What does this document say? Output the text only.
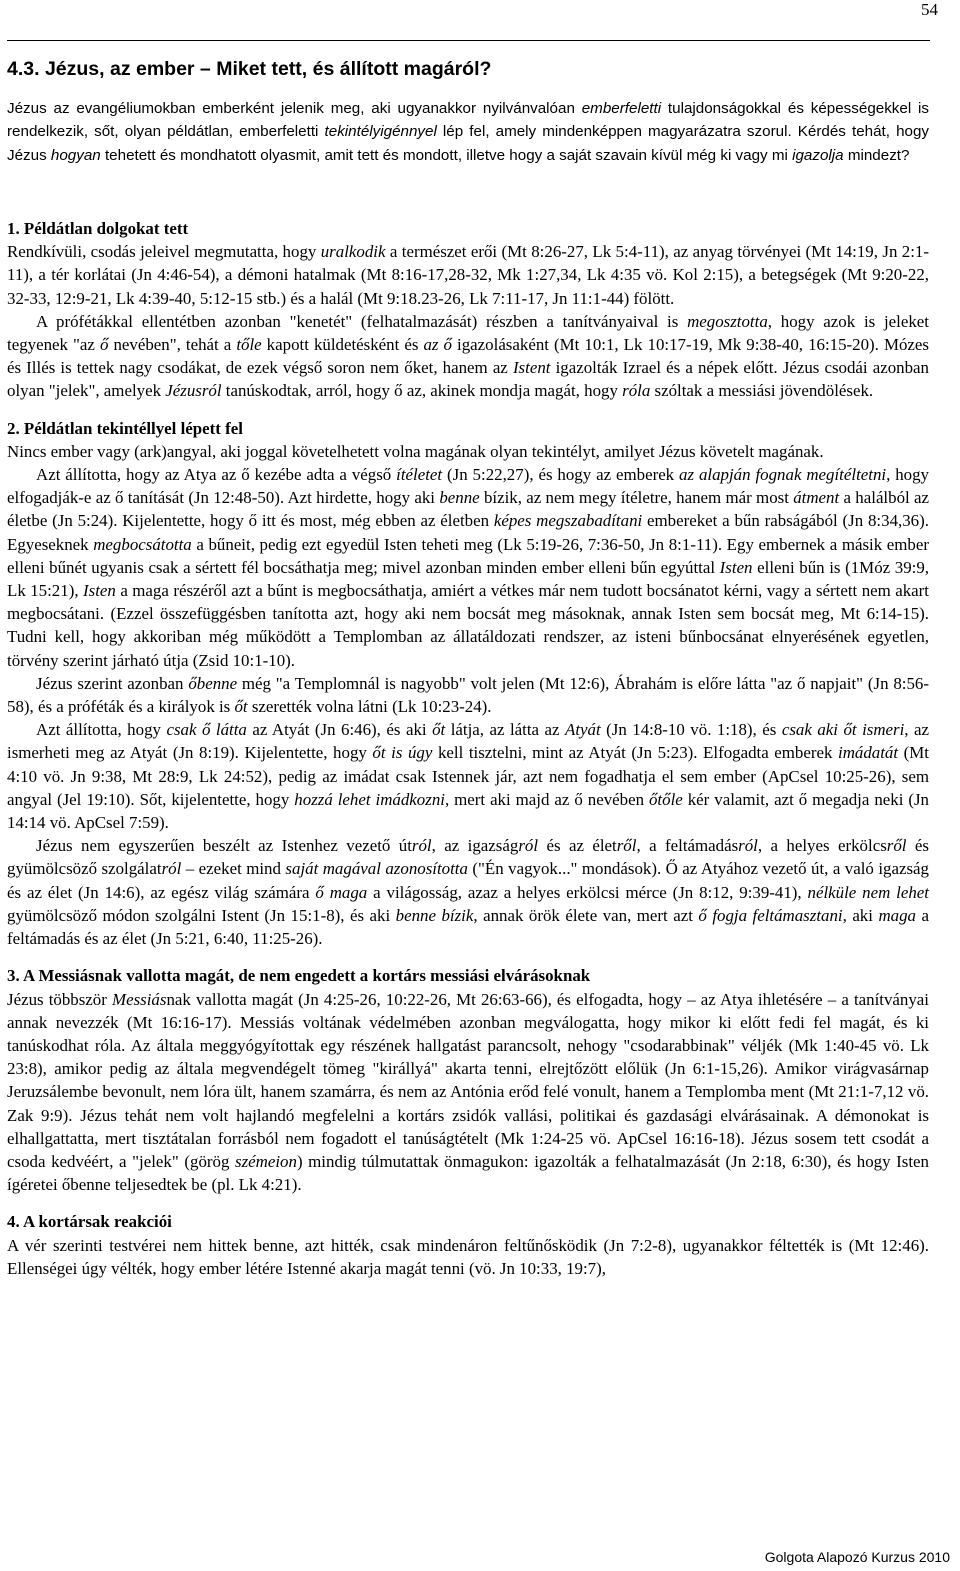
54
4.3. Jézus, az ember – Miket tett, és állított magáról?

Jézus az evangéliumokban emberként jelenik meg, aki ugyanakkor nyilvánvalóan emberfeletti tulajdonságokkal és képességekkel is rendelkezik, sőt, olyan példátlan, emberfeletti tekintélyigénnyel lép fel, amely mindenképpen magyarázatra szorul. Kérdés tehát, hogy Jézus hogyan tehetett és mondhatott olyasmit, amit tett és mondott, illetve hogy a saját szavain kívül még ki vagy mi igazolja mindezt?

1. Példátlan dolgokat tett

Rendkívüli, csodás jeleivel megmutatta, hogy uralkodik a természet erői (Mt 8:26-27, Lk 5:4-11), az anyag törvényei (Mt 14:19, Jn 2:1-11), a tér korlátai (Jn 4:46-54), a démoni hatalmak (Mt 8:16-17,28-32, Mk 1:27,34, Lk 4:35 vö. Kol 2:15), a betegségek (Mt 9:20-22, 32-33, 12:9-21, Lk 4:39-40, 5:12-15 stb.) és a halál (Mt 9:18.23-26, Lk 7:11-17, Jn 11:1-44) fölött.

A prófétákkal ellentétben azonban "kenetét" (felhatalmazását) részben a tanítványaival is megosztotta, hogy azok is jeleket tegyenek "az ő nevében", tehát a tőle kapott küldetésként és az ő igazolásaként (Mt 10:1, Lk 10:17-19, Mk 9:38-40, 16:15-20). Mózes és Illés is tettek nagy csodákat, de ezek végső soron nem őket, hanem az Istent igazolták Izrael és a népek előtt. Jézus csodái azonban olyan "jelek", amelyek Jézusról tanúskodtak, arról, hogy ő az, akinek mondja magát, hogy róla szóltak a messiási jövendölések.

2. Példátlan tekintéllyel lépett fel

Nincs ember vagy (ark)angyal, aki joggal követelhetett volna magának olyan tekintélyt, amilyet Jézus követelt magának.

Azt állította, hogy az Atya az ő kezébe adta a végső ítéletet (Jn 5:22,27), és hogy az emberek az alapján fognak megítéltetni, hogy elfogadják-e az ő tanítását (Jn 12:48-50). Azt hirdette, hogy aki benne bízik, az nem megy ítéletre, hanem már most átment a halálból az életbe (Jn 5:24). Kijelentette, hogy ő itt és most, még ebben az életben képes megszabadítani embereket a bűn rabságából (Jn 8:34,36). Egyeseknek megbocsátotta a bűneit, pedig ezt egyedül Isten teheti meg (Lk 5:19-26, 7:36-50, Jn 8:1-11). Egy embernek a másik ember elleni bűnét ugyanis csak a sértett fél bocsáthatja meg; mivel azonban minden ember elleni bűn egyúttal Isten elleni bűn is (1Móz 39:9, Lk 15:21), Isten a maga részéről azt a bűnt is megbocsáthatja, amiért a vétkes már nem tudott bocsánatot kérni, vagy a sértett nem akart megbocsátani. (Ezzel összefüggésben tanította azt, hogy aki nem bocsát meg másoknak, annak Isten sem bocsát meg, Mt 6:14-15). Tudni kell, hogy akkoriban még működött a Templomban az állatáldozati rendszer, az isteni bűnbocsánat elnyerésének egyetlen, törvény szerint járható útja (Zsid 10:1-10).

Jézus szerint azonban őbenne még "a Templomnál is nagyobb" volt jelen (Mt 12:6), Ábrahám is előre látta "az ő napjait" (Jn 8:56-58), és a próféták és a királyok is őt szerették volna látni (Lk 10:23-24).

Azt állította, hogy csak ő látta az Atyát (Jn 6:46), és aki őt látja, az látta az Atyát (Jn 14:8-10 vö. 1:18), és csak aki őt ismeri, az ismerheti meg az Atyát (Jn 8:19). Kijelentette, hogy őt is úgy kell tisztelni, mint az Atyát (Jn 5:23). Elfogadta emberek imádatát (Mt 4:10 vö. Jn 9:38, Mt 28:9, Lk 24:52), pedig az imádat csak Istennek jár, azt nem fogadhatja el sem ember (ApCsel 10:25-26), sem angyal (Jel 19:10). Sőt, kijelentette, hogy hozzá lehet imádkozni, mert aki majd az ő nevében őtőle kér valamit, azt ő megadja neki (Jn 14:14 vö. ApCsel 7:59).

Jézus nem egyszerűen beszélt az Istenhez vezető útról, az igazságról és az életről, a feltámadásról, a helyes erkölcsről és gyümölcsöző szolgálatról – ezeket mind saját magával azonosította ("Én vagyok..." mondások). Ő az Atyához vezető út, a való igazság és az élet (Jn 14:6), az egész világ számára ő maga a világosság, azaz a helyes erkölcsi mérce (Jn 8:12, 9:39-41), nélküle nem lehet gyümölcsöző módon szolgálni Istent (Jn 15:1-8), és aki benne bízik, annak örök élete van, mert azt ő fogja feltámasztani, aki maga a feltámadás és az élet (Jn 5:21, 6:40, 11:25-26).

3. A Messiásnak vallotta magát, de nem engedett a kortárs messiási elvárásoknak

Jézus többször Messiásnak vallotta magát (Jn 4:25-26, 10:22-26, Mt 26:63-66), és elfogadta, hogy – az Atya ihletésére – a tanítványai annak nevezzék (Mt 16:16-17). Messiás voltának védelmében azonban megválogatta, hogy mikor ki előtt fedi fel magát, és ki tanúskodhat róla. Az általa meggyógyítottak egy részének hallgatást parancsolt, nehogy "csodarabbinak" véljék (Mk 1:40-45 vö. Lk 23:8), amikor pedig az általa megvendégelt tömeg "királlyá" akarta tenni, elrejtőzött előlük (Jn 6:1-15,26). Amikor virágvasárnap Jeruzsálembe bevonult, nem lóra ült, hanem szamárra, és nem az Antónia erőd felé vonult, hanem a Templomba ment (Mt 21:1-7,12 vö. Zak 9:9). Jézus tehát nem volt hajlandó megfelelni a kortárs zsidók vallási, politikai és gazdasági elvárásainak. A démonokat is elhallgattatta, mert tisztátalan forrásból nem fogadott el tanúságtételt (Mk 1:24-25 vö. ApCsel 16:16-18). Jézus sosem tett csodát a csoda kedvéért, a "jelek" (görög szémeion) mindig túlmutattak önmagukon: igazolták a felhatalmazását (Jn 2:18, 6:30), és hogy Isten ígéretei őbenne teljesedtek be (pl. Lk 4:21).

4. A kortársak reakciói

A vér szerinti testvérei nem hittek benne, azt hitték, csak mindenáron feltűnősködik (Jn 7:2-8), ugyanakkor féltették is (Mt 12:46). Ellenségei úgy vélték, hogy ember létére Istenné akarja magát tenni (vö. Jn 10:33, 19:7),

Golgota Alapozó Kurzus 2010
